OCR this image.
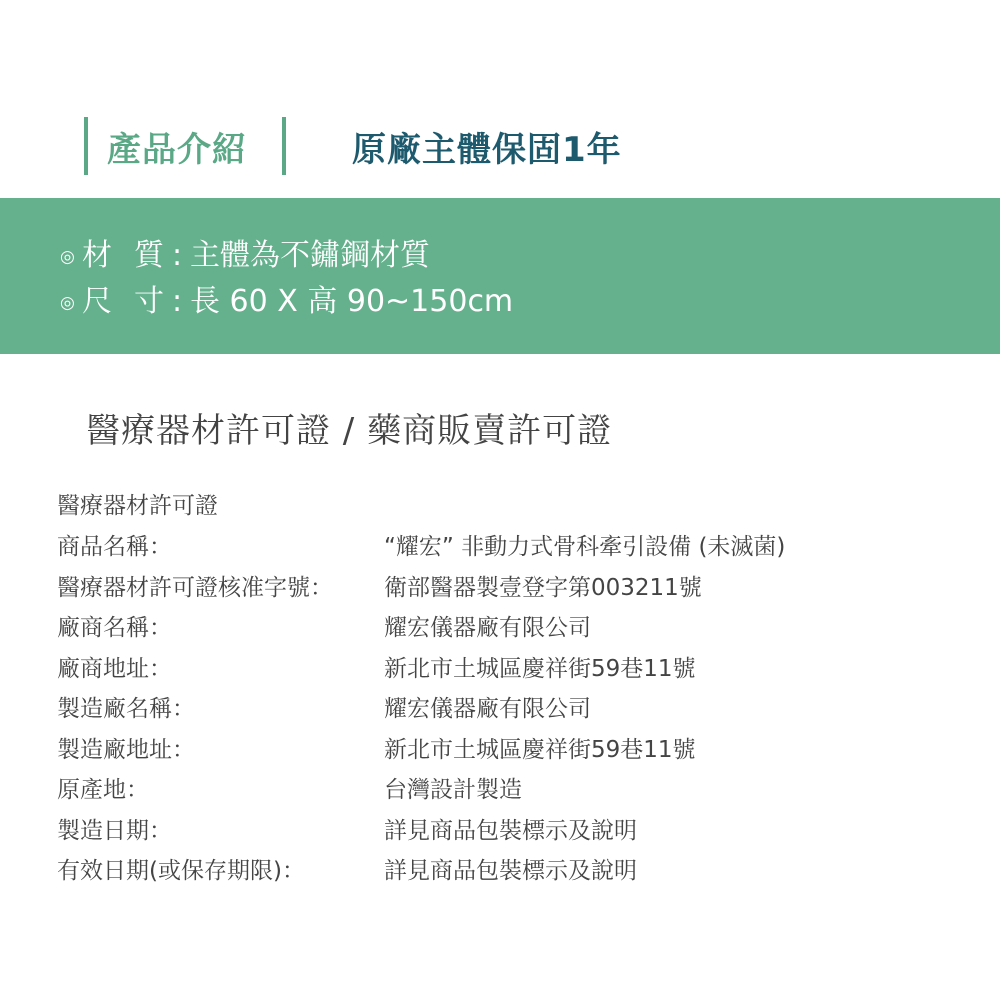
產品介紹	原廠主體保固1年
◎ 材 質 : 主體為不鏽鋼材質
◎ 尺 寸 : 長 60 X 高 90~150cm
醫療器材許可證 / 藥商販賣許可證
醫療器材許可證
商品名稱：	“耀宏” 非動力式骨科牽引設備 (未滅菌)
醫療器材許可證核准字號： 衛部醫器製壹登字第003211號
廠商名稱：	耀宏儀器廠有限公司
廠商地址：	新北市土城區慶祥街59巷11號
製造廠名稱：	耀宏儀器廠有限公司
製造廠地址：	新北市土城區慶祥街59巷11號
原產地：	台灣設計製造
製造日期：	詳見商品包裝標示及說明
有效日期(或保存期限)：	詳見商品包裝標示及說明
